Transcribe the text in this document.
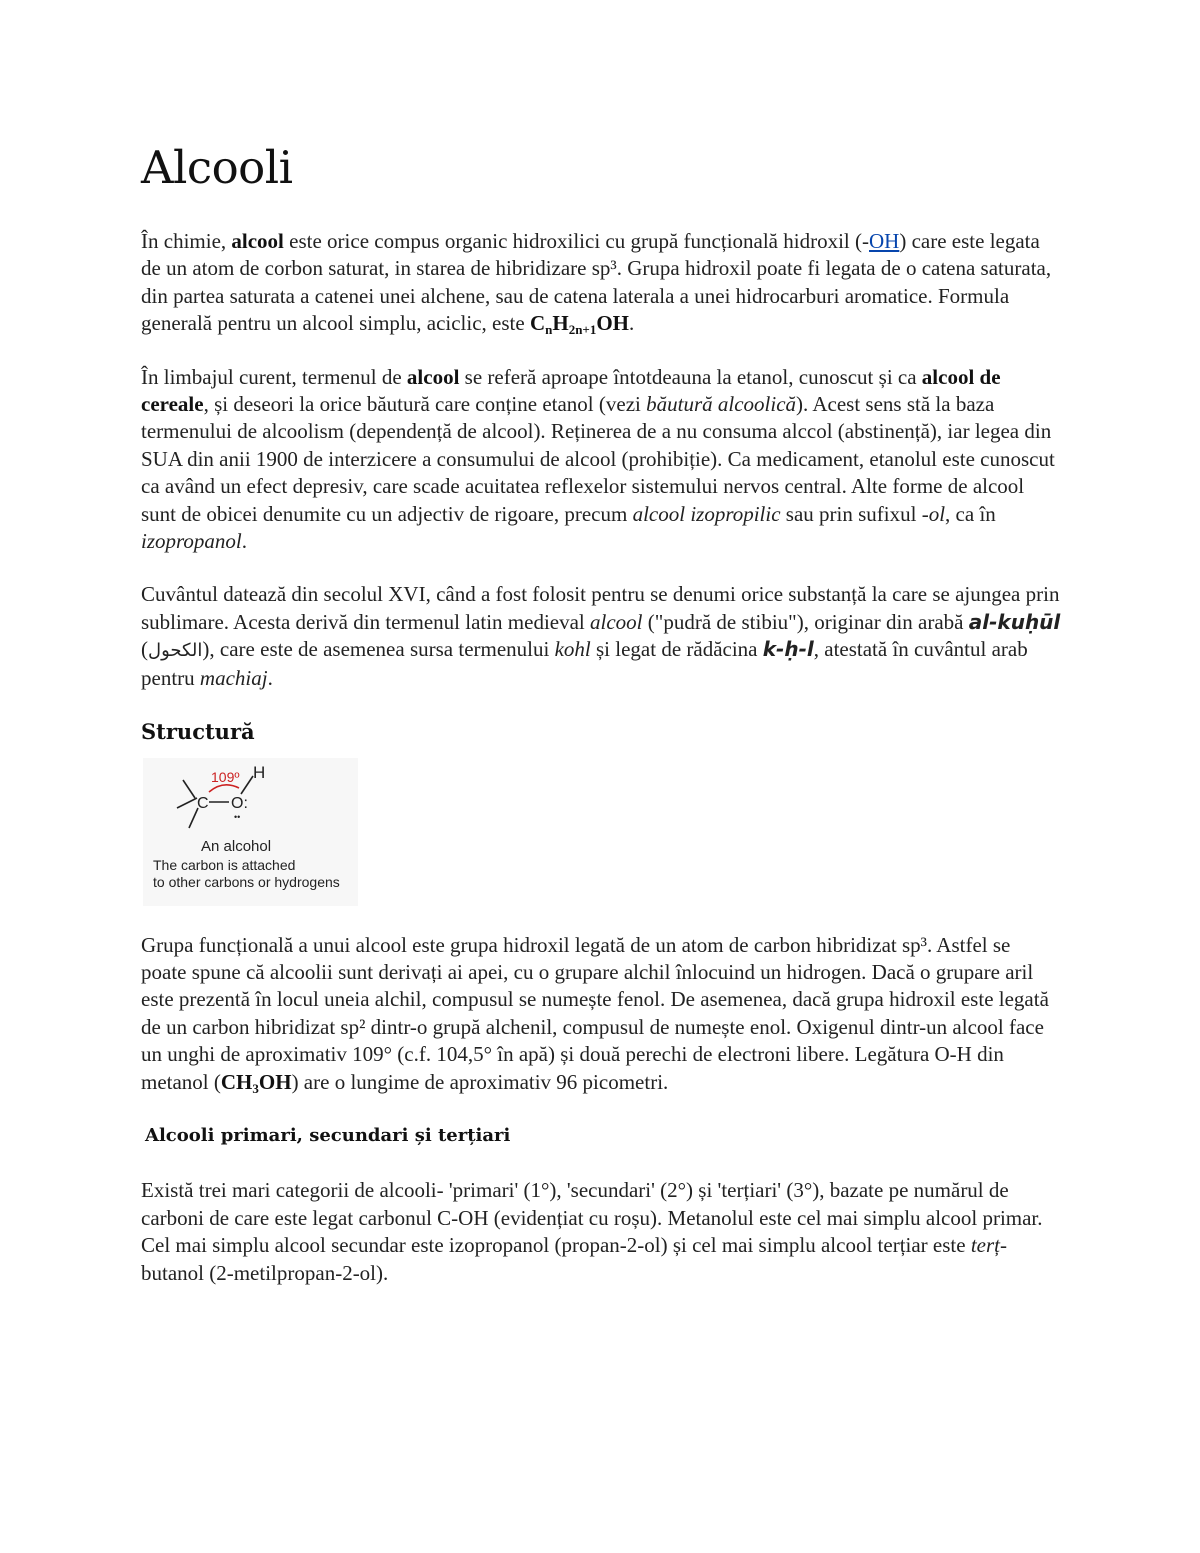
Alcooli

În chimie, alcool este orice compus organic hidroxilici cu grupă funcțională hidroxil (-OH) care este legata de un atom de corbon saturat, in starea de hibridizare sp³. Grupa hidroxil poate fi legata de o catena saturata, din partea saturata a catenei unei alchene, sau de catena laterala a unei hidrocarburi aromatice. Formula generală pentru un alcool simplu, aciclic, este $C_nH_{2n+1}OH$.

În limbajul curent, termenul de alcool se referă aproape întotdeauna la etanol, cunoscut și ca alcool de cereale, și deseori la orice băutură care conține etanol (vezi băutură alcoolică). Acest sens stă la baza termenului de alcoolism (dependență de alcool). Reținerea de a nu consuma alccol (abstinență), iar legea din SUA din anii 1900 de interzicere a consumului de alcool (prohibiție). Ca medicament, etanolul este cunoscut ca având un efect depresiv, care scade acuitatea reflexelor sistemului nervos central. Alte forme de alcool sunt de obicei denumite cu un adjectiv de rigoare, precum alcool izopropilic sau prin sufixul -ol, ca în izopropanol.

Cuvântul datează din secolul XVI, când a fost folosit pentru se denumi orice substanță la care se ajungea prin sublimare. Acesta derivă din termenul latin medieval alcool ("pudră de stibiu"), originar din arabă al-kuḥūl (الكحول), care este de asemenea sursa termenului kohl și legat de rădăcina k-ḥ-l, atestată în cuvântul arab pentru machiaj.

Structură
109º H
C O:
••
An alcohol
The carbon is attached
to other carbons or hydrogens

Grupa funcțională a unui alcool este grupa hidroxil legată de un atom de carbon hibridizat sp³. Astfel se poate spune că alcoolii sunt derivați ai apei, cu o grupare alchil înlocuind un hidrogen. Dacă o grupare aril este prezentă în locul uneia alchil, compusul se numește fenol. De asemenea, dacă grupa hidroxil este legată de un carbon hibridizat sp² dintr-o grupă alchenil, compusul de numește enol. Oxigenul dintr-un alcool face un unghi de aproximativ 109° (c.f. 104,5° în apă) și două perechi de electroni libere. Legătura O-H din metanol $(CH_3OH)$ are o lungime de aproximativ 96 picometri.

Alcooli primari, secundari și terțiari

Există trei mari categorii de alcooli- 'primari' (1°), 'secundari' (2°) și 'terțiari' (3°), bazate pe numărul de carboni de care este legat carbonul C-OH (evidențiat cu roșu). Metanolul este cel mai simplu alcool primar. Cel mai simplu alcool secundar este izopropanol (propan-2-ol) și cel mai simplu alcool terțiar este terț-butanol (2-metilpropan-2-ol).
